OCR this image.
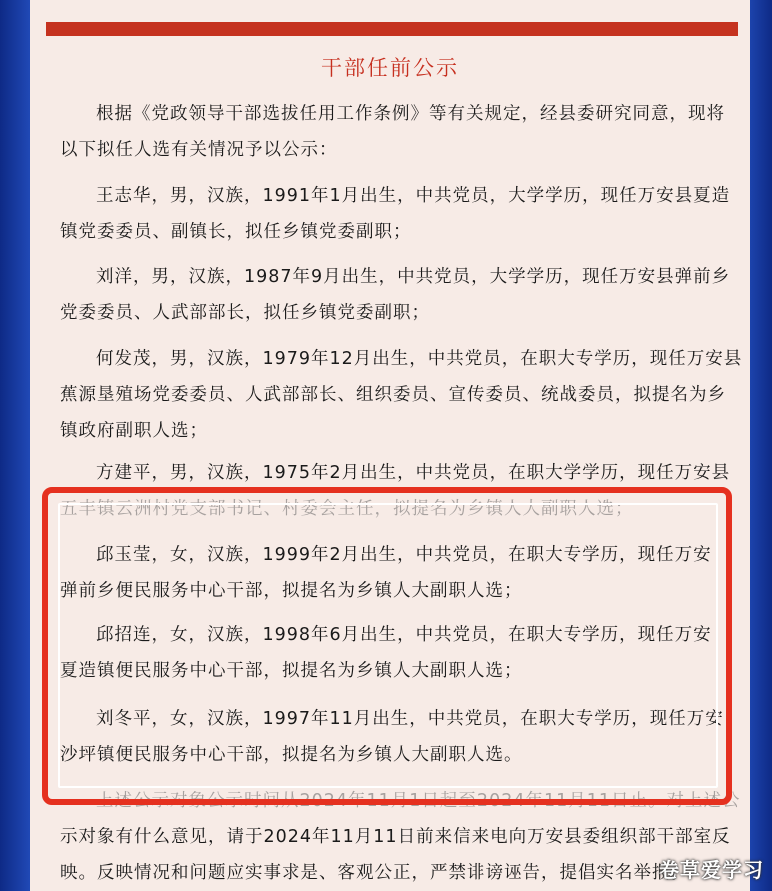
干部任前公示
根据《党政领导干部选拔任用工作条例》等有关规定，经县委研究同意，现将
以下拟任人选有关情况予以公示：
王志华，男，汉族，1991年1月出生，中共党员，大学学历，现任万安县夏造
镇党委委员、副镇长，拟任乡镇党委副职；
刘洋，男，汉族，1987年9月出生，中共党员，大学学历，现任万安县弹前乡
党委委员、人武部部长，拟任乡镇党委副职；
何发茂，男，汉族，1979年12月出生，中共党员，在职大专学历，现任万安县
蕉源垦殖场党委委员、人武部部长、组织委员、宣传委员、统战委员，拟提名为乡
镇政府副职人选；
方建平，男，汉族，1975年2月出生，中共党员，在职大学学历，现任万安县
五丰镇云洲村党支部书记、村委会主任，拟提名为乡镇人大副职人选；
邱玉莹，女，汉族，1999年2月出生，中共党员，在职大专学历，现任万安
弹前乡便民服务中心干部，拟提名为乡镇人大副职人选；
邱招连，女，汉族，1998年6月出生，中共党员，在职大专学历，现任万安
夏造镇便民服务中心干部，拟提名为乡镇人大副职人选；
刘冬平，女，汉族，1997年11月出生，中共党员，在职大专学历，现任万安
沙坪镇便民服务中心干部，拟提名为乡镇人大副职人选。
上述公示对象公示时间从2024年11月1日起至2024年11月11日止。对上述公
示对象有什么意见，请于2024年11月11日前来信来电向万安县委组织部干部室反
映。反映情况和问题应实事求是、客观公正，严禁诽谤诬告，提倡实名举报。
卷草爱学习
